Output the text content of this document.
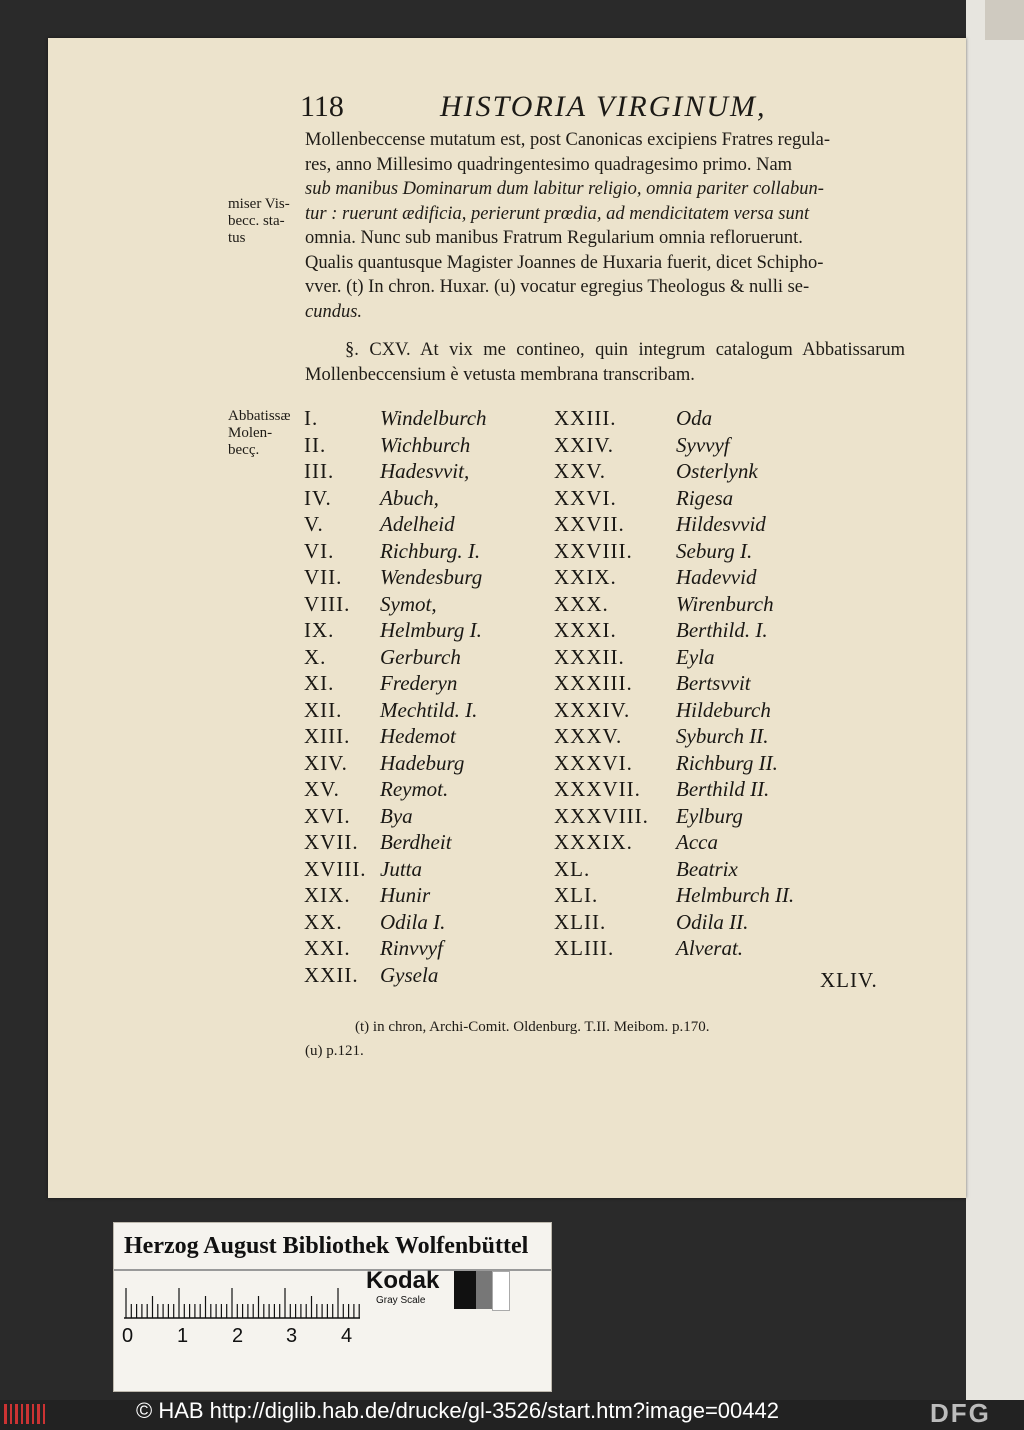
118	HISTORIA VIRGINUM,
Mollenbeccense mutatum est, post Canonicas excipiens Fratres regula-
res, anno Millesimo quadringentesimo quadragesimo primo. Nam
sub manibus Dominarum dum labitur religio, omnia pariter collabun-
tur : ruerunt ædificia, perierunt prœdia, ad mendicitatem versa sunt
omnia. Nunc sub manibus Fratrum Regularium omnia refloruerunt.
Qualis quantusque Magister Joannes de Huxaria fuerit, dicet Schipho-
vver. (t) In chron. Huxar. (u) vocatur egregius Theologus & nulli se-
cundus.
miser Vis-
becc. sta-
tus
§. CXV. At vix me contineo, quin integrum catalogum Abbatissarum Mollenbeccensium è vetusta membrana transcribam.
Abbatissæ
Molen-
becç.
I.	Windelburch
II.	Wichburch
III. Hadesvvit,
IV. Abuch,
V.	Adelheid
VI. Richburg. I.
VII. Wendesburg
VIII. Symot,
IX. Helmburg I.
X.	Gerburch
XI. Frederyn
XII. Mechtild. I.
XIII. Hedemot
XIV. Hadeburg
XV. Reymot.
XVI. Bya
XVII. Berdheit
XVIII. Jutta
XIX. Hunir
XX. Odila I.
XXI. Rinvvyf
XXII. Gysela
XXIII.	Oda
XXIV.	Syvvyf
XXV.	Osterlynk
XXVI.	Rigesa
XXVII. Hildesvvid
XXVIII. Seburg I.
XXIX.	Hadevvid
XXX.	Wirenburch
XXXI.	Berthild. I.
XXXII. Eyla
XXXIII. Bertsvvit
XXXIV. Hildeburch
XXXV.	Syburch II.
XXXVI. Richburg II.
XXXVII. Berthild II.
XXXVIII. Eylburg
XXXIX. Acca
XL.	Beatrix
XLI.	Helmburch II.
XLII.	Odila II.
XLIII.	Alverat.
XLIV.
(t) in chron, Archi-Comit. Oldenburg. T.II. Meibom. p.170.
(u) p.121.
Herzog August Bibliothek Wolfenbüttel
0 1 2 3 4
Kodak
Gray Scale
© HAB http://diglib.hab.de/drucke/gl-3526/start.htm?image=00442	DFG
